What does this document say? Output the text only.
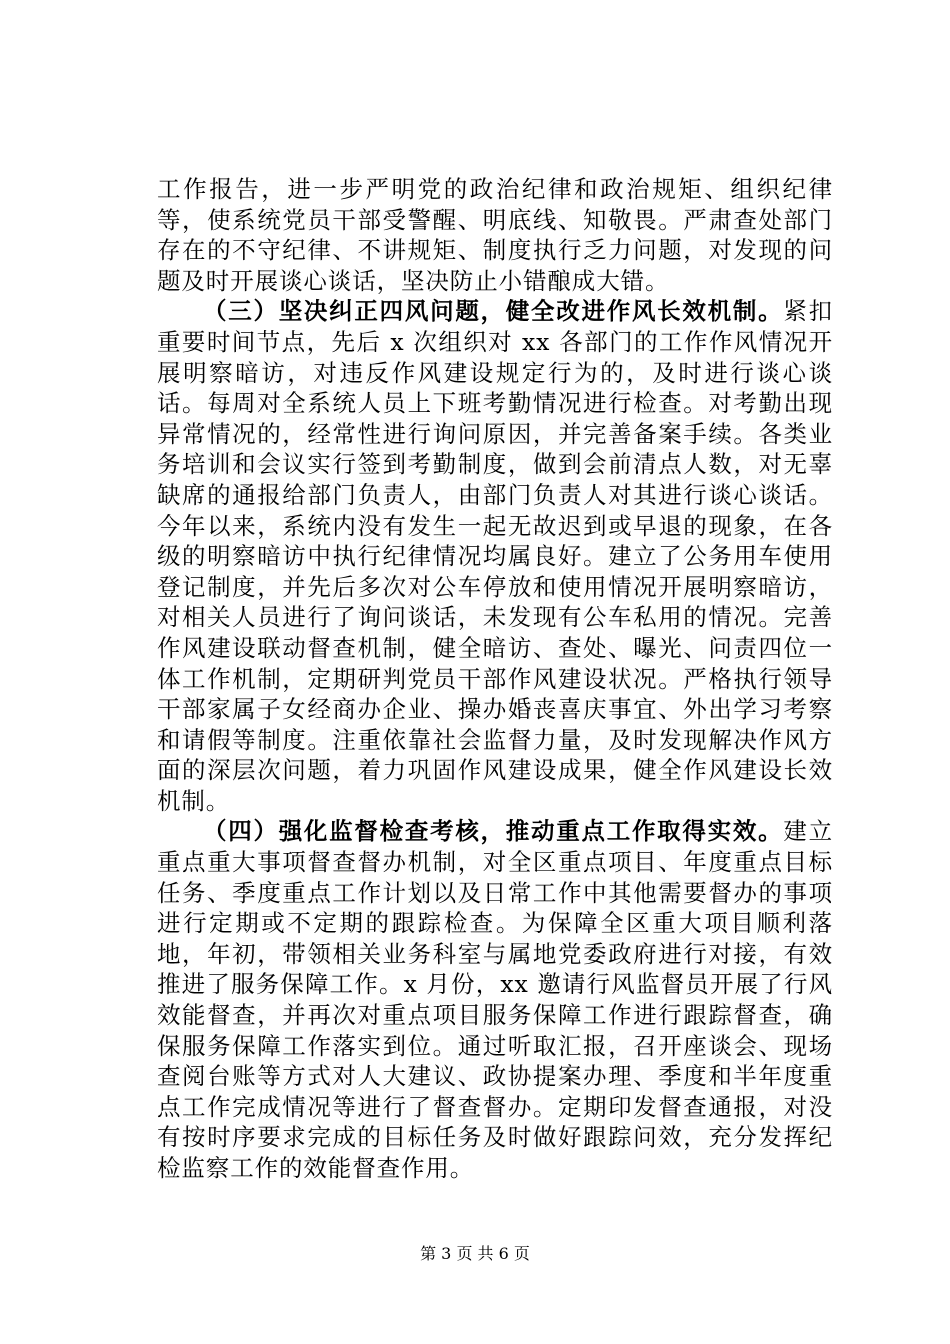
工作报告，进一步严明党的政治纪律和政治规矩、组织纪律等，使系统党员干部受警醒、明底线、知敬畏。严肃查处部门存在的不守纪律、不讲规矩、制度执行乏力问题，对发现的问题及时开展谈心谈话，坚决防止小错酿成大错。

（三）坚决纠正四风问题，健全改进作风长效机制。紧扣重要时间节点，先后 x 次组织对 xx 各部门的工作作风情况开展明察暗访，对违反作风建设规定行为的，及时进行谈心谈话。每周对全系统人员上下班考勤情况进行检查。对考勤出现异常情况的，经常性进行询问原因，并完善备案手续。各类业务培训和会议实行签到考勤制度，做到会前清点人数，对无辜缺席的通报给部门负责人，由部门负责人对其进行谈心谈话。今年以来，系统内没有发生一起无故迟到或早退的现象，在各级的明察暗访中执行纪律情况均属良好。建立了公务用车使用登记制度，并先后多次对公车停放和使用情况开展明察暗访，对相关人员进行了询问谈话，未发现有公车私用的情况。完善作风建设联动督查机制，健全暗访、查处、曝光、问责四位一体工作机制，定期研判党员干部作风建设状况。严格执行领导干部家属子女经商办企业、操办婚丧喜庆事宜、外出学习考察和请假等制度。注重依靠社会监督力量，及时发现解决作风方面的深层次问题，着力巩固作风建设成果，健全作风建设长效机制。

（四）强化监督检查考核，推动重点工作取得实效。建立重点重大事项督查督办机制，对全区重点项目、年度重点目标任务、季度重点工作计划以及日常工作中其他需要督办的事项进行定期或不定期的跟踪检查。为保障全区重大项目顺利落地，年初，带领相关业务科室与属地党委政府进行对接，有效推进了服务保障工作。x 月份，xx 邀请行风监督员开展了行风效能督查，并再次对重点项目服务保障工作进行跟踪督查，确保服务保障工作落实到位。通过听取汇报，召开座谈会、现场查阅台账等方式对人大建议、政协提案办理、季度和半年度重点工作完成情况等进行了督查督办。定期印发督查通报，对没有按时序要求完成的目标任务及时做好跟踪问效，充分发挥纪检监察工作的效能督查作用。

第 3 页 共 6 页
